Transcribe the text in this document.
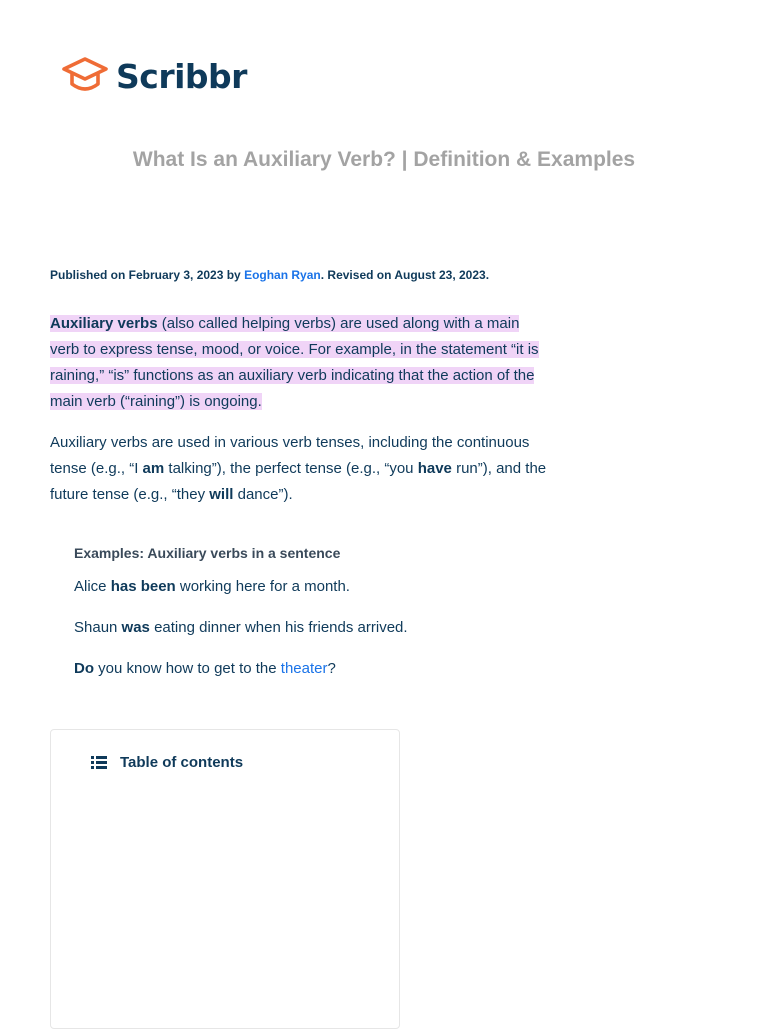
Scribbr
What Is an Auxiliary Verb? | Definition & Examples
Published on February 3, 2023 by Eoghan Ryan. Revised on August 23, 2023.

Auxiliary verbs (also called helping verbs) are used along with a main verb to express tense, mood, or voice. For example, in the statement “it is raining,” “is” functions as an auxiliary verb indicating that the action of the main verb (“raining”) is ongoing.

Auxiliary verbs are used in various verb tenses, including the continuous tense (e.g., “I am talking”), the perfect tense (e.g., “you have run”), and the future tense (e.g., “they will dance”).

Examples: Auxiliary verbs in a sentence

Alice has been working here for a month.

Shaun was eating dinner when his friends arrived.

Do you know how to get to the theater?

Table of contents
